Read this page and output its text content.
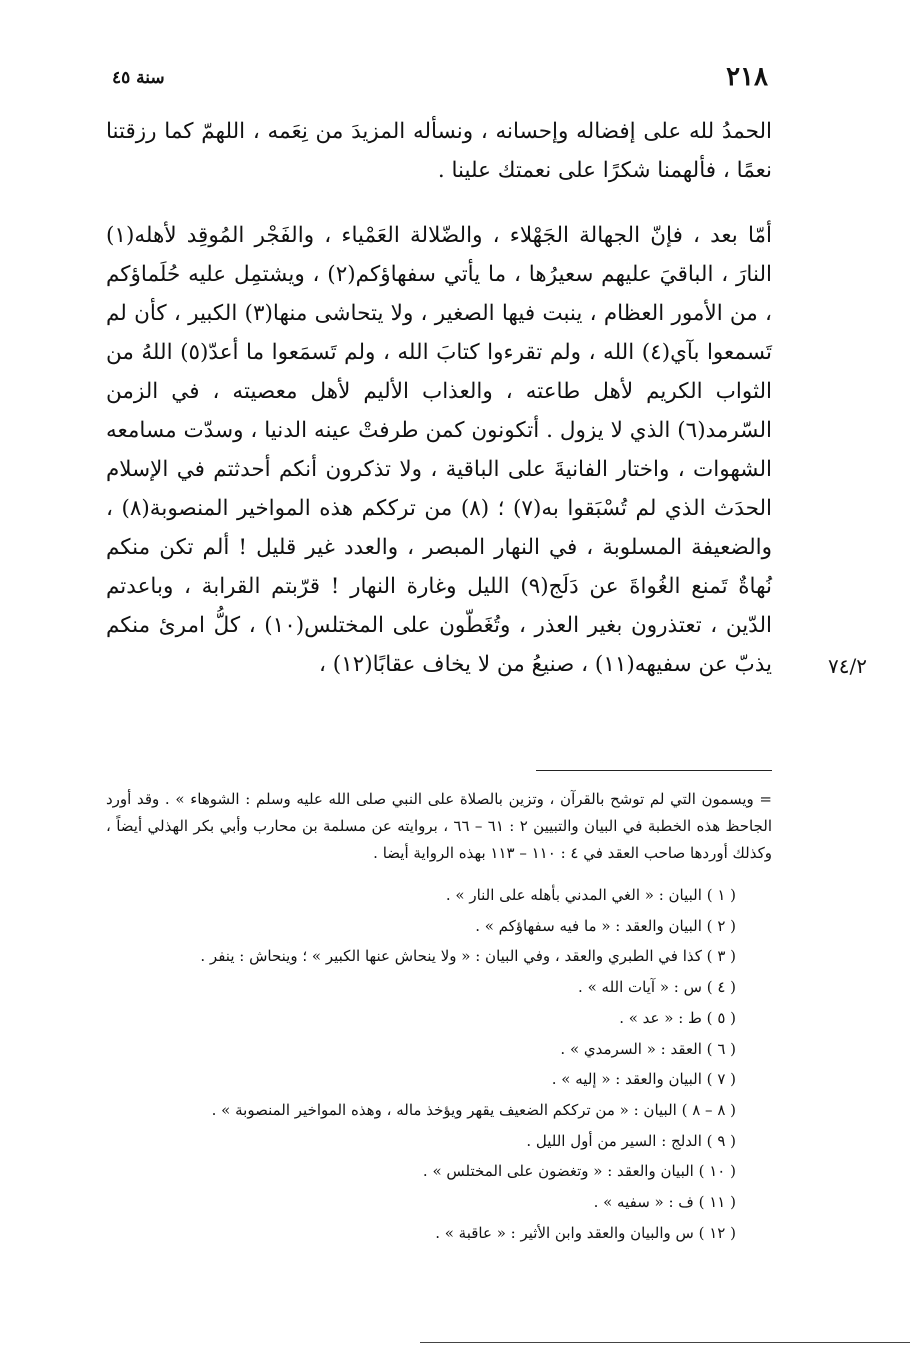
٢١٨
سنة ٤٥

الحمدُ لله على إفضاله وإحسانه ، ونسأله المزيدَ من نِعَمه ، اللهمّ كما رزقتنا نعمًا ، فألهمنا شكرًا على نعمتك علينا .

أمّا بعد ، فإنّ الجهالة الجَهْلاء ، والضّلالة العَمْياء ، والفَجْر المُوقِد لأهله(١) النارَ ، الباقيَ عليهم سعيرُها ، ما يأتي سفهاؤكم(٢) ، ويشتمِل عليه حُلَماؤكم ، من الأمور العظام ، ينبت فيها الصغير ، ولا يتحاشى منها(٣) الكبير ، كأن لم تَسمعوا بآي(٤) الله ، ولم تقرءوا كتابَ الله ، ولم تَسمَعوا ما أعدّ(٥) اللهُ من الثواب الكريم لأهل طاعته ، والعذاب الأليم لأهل معصيته ، في الزمن السّرمد(٦) الذي لا يزول . أتكونون كمن طرفتْ عينه الدنيا ، وسدّت مسامعه الشهوات ، واختار الفانيةَ على الباقية ، ولا تذكرون أنكم أحدثتم في الإسلام الحدَث الذي لم تُسْبَقوا به(٧) ؛ (٨) من ترككم هذه المواخير المنصوبة(٨) ، والضعيفة المسلوبة ، في النهار المبصر ، والعدد غير قليل ! ألم تكن منكم نُهاةٌ تَمنع الغُواةَ عن دَلَج(٩) الليل وغارة النهار ! قرّبتم القرابة ، وباعدتم الدّين ، تعتذرون بغير العذر ، وتُغَطّون على المختلس(١٠) ، كلُّ امرئ منكم يذبّ عن سفيهه(١١) ، صنيعُ من لا يخاف عقابًا(١٢) ،	٧٤/٢

= ويسمون التي لم توشح بالقرآن ، وتزين بالصلاة على النبي صلى الله عليه وسلم : الشوهاء » . وقد أورد الجاحظ هذه الخطبة في البيان والتبيين ٢ : ٦١ – ٦٦ ، بروايته عن مسلمة بن محارب وأبي بكر الهذلي أيضاً ، وكذلك أوردها صاحب العقد في ٤ : ١١٠ – ١١٣ بهذه الرواية أيضا .

( ١ ) البيان : « الغي المدني بأهله على النار » .
( ٢ ) البيان والعقد : « ما فيه سفهاؤكم » .
( ٣ ) كذا في الطبري والعقد ، وفي البيان : « ولا ينحاش عنها الكبير » ؛ وينحاش : ينفر .
( ٤ ) س : « آيات الله » .
( ٥ ) ط : « عد » .
( ٦ ) العقد : « السرمدي » .
( ٧ ) البيان والعقد : « إليه » .
( ٨ – ٨ ) البيان : « من ترككم الضعيف يقهر ويؤخذ ماله ، وهذه المواخير المنصوبة » .
( ٩ ) الدلج : السير من أول الليل .
( ١٠ ) البيان والعقد : « وتغضون على المختلس » .
( ١١ ) ف : « سفيه » .
( ١٢ ) س والبيان والعقد وابن الأثير : « عاقبة » .
